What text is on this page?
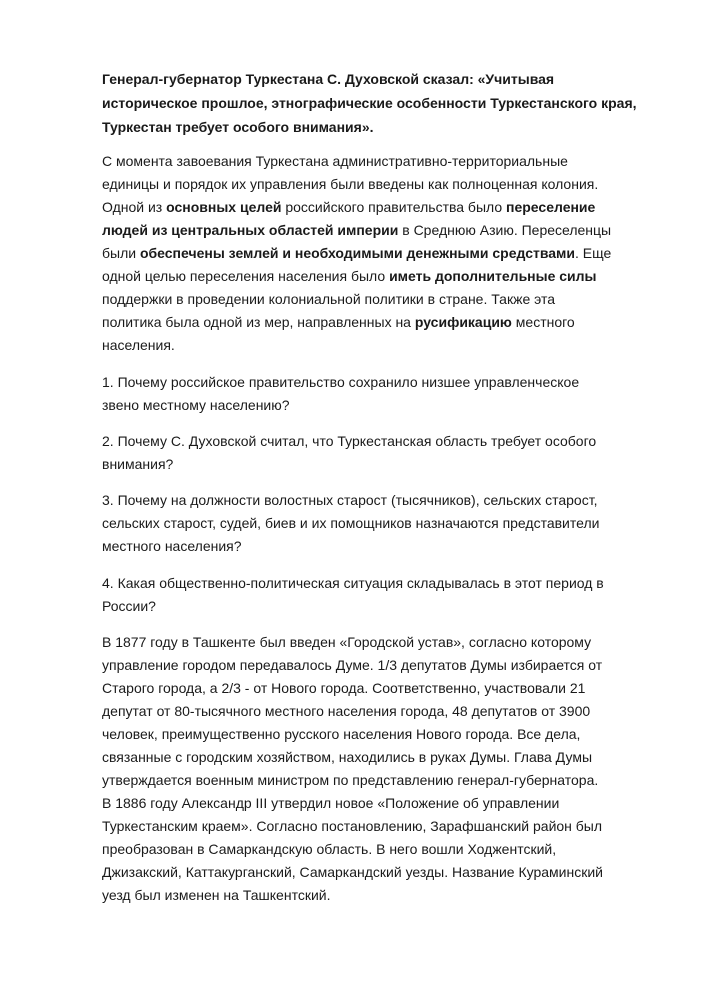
Генерал-губернатор Туркестана С. Духовской сказал: «Учитывая
историческое прошлое, этнографические особенности Туркестанского края,
Туркестан требует особого внимания».
С момента завоевания Туркестана административно-территориальные
единицы и порядок их управления были введены как полноценная колония.
Одной из основных целей российского правительства было переселение
людей из центральных областей империи в Среднюю Азию. Переселенцы
были обеспечены землей и необходимыми денежными средствами. Еще
одной целью переселения населения было иметь дополнительные силы
поддержки в проведении колониальной политики в стране. Также эта
политика была одной из мер, направленных на русификацию местного
населения.
1. Почему российское правительство сохранило низшее управленческое
звено местному населению?
2. Почему С. Духовской считал, что Туркестанская область требует особого
внимания?
3. Почему на должности волостных старост (тысячников), сельских старост,
сельских старост, судей, биев и их помощников назначаются представители
местного населения?
4. Какая общественно-политическая ситуация складывалась в этот период в
России?
В 1877 году в Ташкенте был введен «Городской устав», согласно которому
управление городом передавалось Думе. 1/3 депутатов Думы избирается от
Старого города, а 2/3 - от Нового города. Соответственно, участвовали 21
депутат от 80-тысячного местного населения города, 48 депутатов от 3900
человек, преимущественно русского населения Нового города. Все дела,
связанные с городским хозяйством, находились в руках Думы. Глава Думы
утверждается военным министром по представлению генерал-губернатора.
В 1886 году Александр III утвердил новое «Положение об управлении
Туркестанским краем». Согласно постановлению, Зарафшанский район был
преобразован в Самаркандскую область. В него вошли Ходжентский,
Джизакский, Каттакурганский, Самаркандский уезды. Название Кураминский
уезд был изменен на Ташкентский.
